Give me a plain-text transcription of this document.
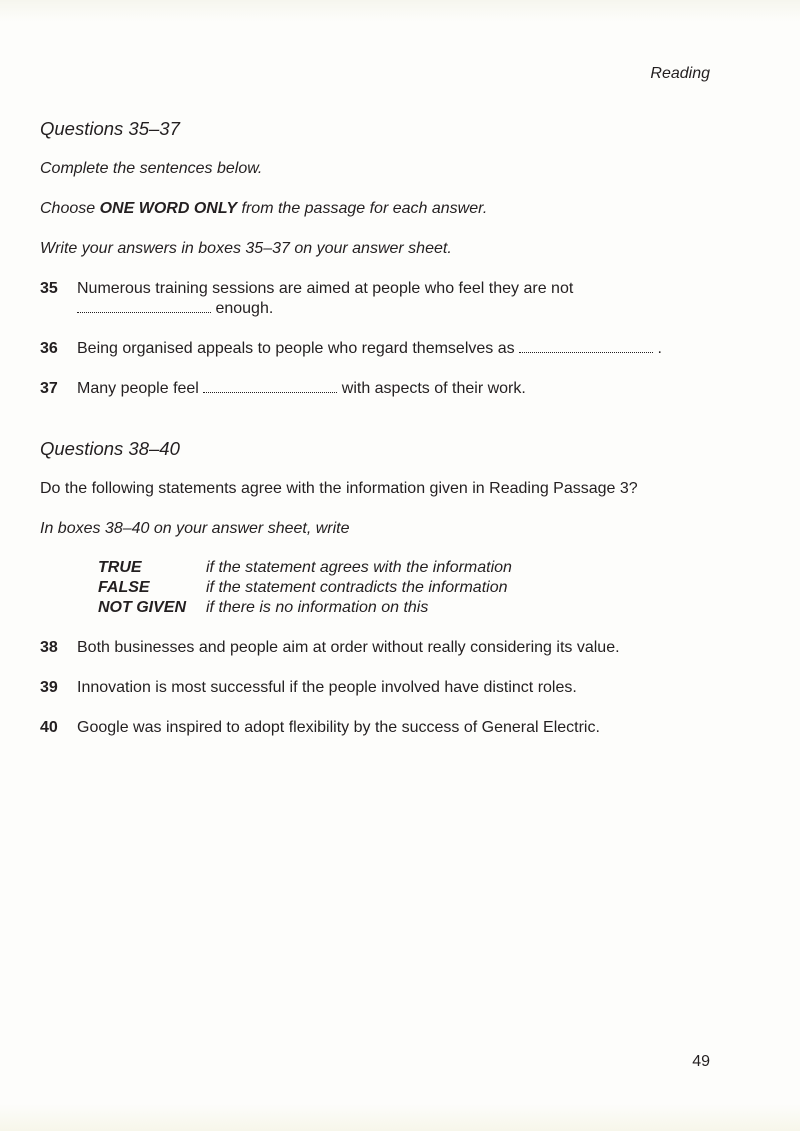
Reading
Questions 35–37
Complete the sentences below.
Choose ONE WORD ONLY from the passage for each answer.
Write your answers in boxes 35–37 on your answer sheet.
35 Numerous training sessions are aimed at people who feel they are not
enough.
36 Being organised appeals to people who regard themselves as	.
37 Many people feel	with aspects of their work.
Questions 38–40
Do the following statements agree with the information given in Reading Passage 3?
In boxes 38–40 on your answer sheet, write
TRUE	if the statement agrees with the information
FALSE	if the statement contradicts the information
NOT GIVEN if there is no information on this
38 Both businesses and people aim at order without really considering its value.
39 Innovation is most successful if the people involved have distinct roles.
40 Google was inspired to adopt flexibility by the success of General Electric.
49
